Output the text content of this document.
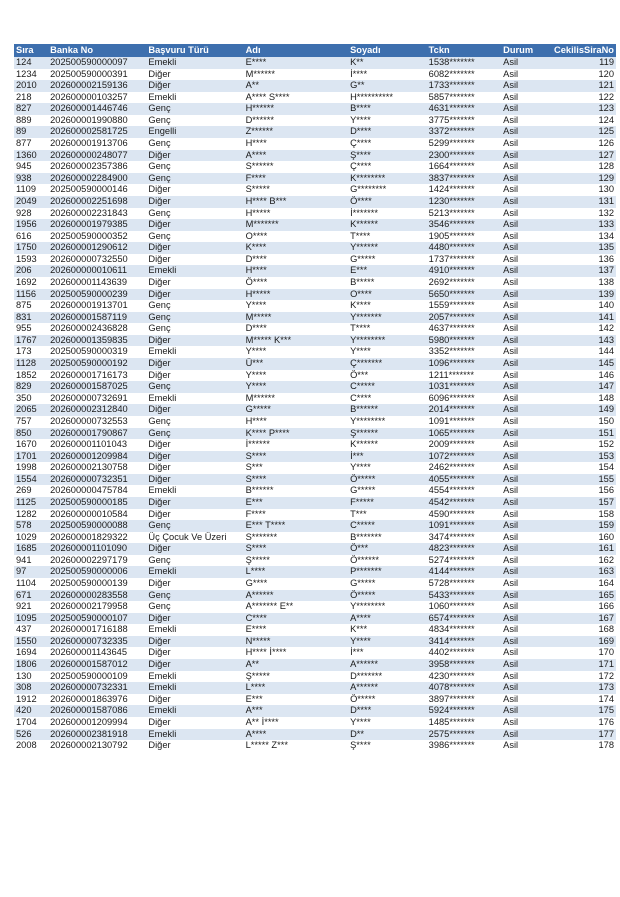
Sıra	Banka No	Başvuru Türü	Adı	Soyadı	Tckn	Durum	CekilisSiraNo
124	202500590000097	Emekli	E****	K**	1538*******	Asil	119
1234	202500590000391	Diğer	M******	İ****	6082*******	Asil	120
2010	202600002159136	Diğer	A**	G**	1733*******	Asil	121
218	202600000103257	Emekli	A**** S****	H**********	5857*******	Asil	122
827	202600001446746	Genç	H******	B****	4631*******	Asil	123
889	202600001990880	Genç	D******	Y****	3775*******	Asil	124
89	202600002581725	Engelli	Z******	D****	3372*******	Asil	125
877	202600001913706	Genç	H****	Ç****	5299*******	Asil	126
1360	202600000248077	Diğer	A****	Ş****	2300*******	Asil	127
945	202600002357386	Genç	S******	Ç****	1664*******	Asil	128
938	202600002284900	Genç	F****	K********	3837*******	Asil	129
1109	202500590000146	Diğer	S*****	G********	1424*******	Asil	130
2049	202600002251698	Diğer	H**** B***	Ö****	1230*******	Asil	131
928	202600002231843	Genç	H*****	İ*******	5213*******	Asil	132
1956	202600001979385	Diğer	M*******	K******	3546*******	Asil	133
616	202500590000352	Genç	O****	T****	1905*******	Asil	134
1750	202600001290612	Diğer	K****	Y******	4480*******	Asil	135
1593	202600000732550	Diğer	D****	G*****	1737*******	Asil	136
206	202600000010611	Emekli	H****	E***	4910*******	Asil	137
1692	202600001143639	Diğer	Ö****	B*****	2692*******	Asil	138
1156	202500590000239	Diğer	H*****	O****	5650*******	Asil	139
875	202600001913701	Genç	Y****	K****	1559*******	Asil	140
831	202600001587119	Genç	M*****	Y*******	2057*******	Asil	141
955	202600002436828	Genç	D****	T****	4637*******	Asil	142
1767	202600001359835	Diğer	M***** K***	Y********	5980*******	Asil	143
173	202500590000319	Emekli	Y****	Y****	3352*******	Asil	144
1128	202500590000192	Diğer	Ü***	Ç*******	1096*******	Asil	145
1852	202600001716173	Diğer	Y****	Ö***	1211*******	Asil	146
829	202600001587025	Genç	Y****	C*****	1031*******	Asil	147
350	202600000732691	Emekli	M******	C****	6096*******	Asil	148
2065	202600002312840	Diğer	G*****	B******	2014*******	Asil	149
757	202600000732553	Genç	H****	Y********	1091*******	Asil	150
850	202600001790867	Genç	K**** P****	Ş******	1065*******	Asil	151
1670	202600001101043	Diğer	İ******	K******	2009*******	Asil	152
1701	202600001209984	Diğer	S****	İ***	1072*******	Asil	153
1998	202600002130758	Diğer	S***	Y****	2462*******	Asil	154
1554	202600000732351	Diğer	S****	Ö*****	4055*******	Asil	155
269	202600000475784	Emekli	B******	G*****	4554*******	Asil	156
1125	202500590000185	Diğer	E***	F*****	4542*******	Asil	157
1282	202600000010584	Diğer	F****	T***	4590*******	Asil	158
578	202500590000088	Genç	E*** T****	C*****	1091*******	Asil	159
1029	202600001829322	Üç Çocuk Ve Üzeri	S*******	B*******	3474*******	Asil	160
1685	202600001101090	Diğer	S****	Ö***	4823*******	Asil	161
941	202600002297179	Genç	Ş*****	Ö******	5274*******	Asil	162
97	202500590000006	Emekli	L****	P*******	4144*******	Asil	163
1104	202500590000139	Diğer	G****	G*****	5728*******	Asil	164
671	202600000283558	Genç	A******	Ö*****	5433*******	Asil	165
921	202600002179958	Genç	A******* E**	Y********	1060*******	Asil	166
1095	202500590000107	Diğer	C****	A****	6574*******	Asil	167
437	202600001716188	Emekli	E****	K***	4834*******	Asil	168
1550	202600000732335	Diğer	N*****	Y****	3414*******	Asil	169
1694	202600001143645	Diğer	H**** İ****	İ***	4402*******	Asil	170
1806	202600001587012	Diğer	A**	A******	3958*******	Asil	171
130	202500590000109	Emekli	Ş*****	D*******	4230*******	Asil	172
308	202600000732331	Emekli	L****	A******	4078*******	Asil	173
1912	202600001863976	Diğer	E***	Ö*****	3897*******	Asil	174
420	202600001587086	Emekli	A***	D****	5924*******	Asil	175
1704	202600001209994	Diğer	A** İ****	Y****	1485*******	Asil	176
526	202600002381918	Emekli	A****	D**	2575*******	Asil	177
2008	202600002130792	Diğer	L***** Z***	Ş****	3986*******	Asil	178
